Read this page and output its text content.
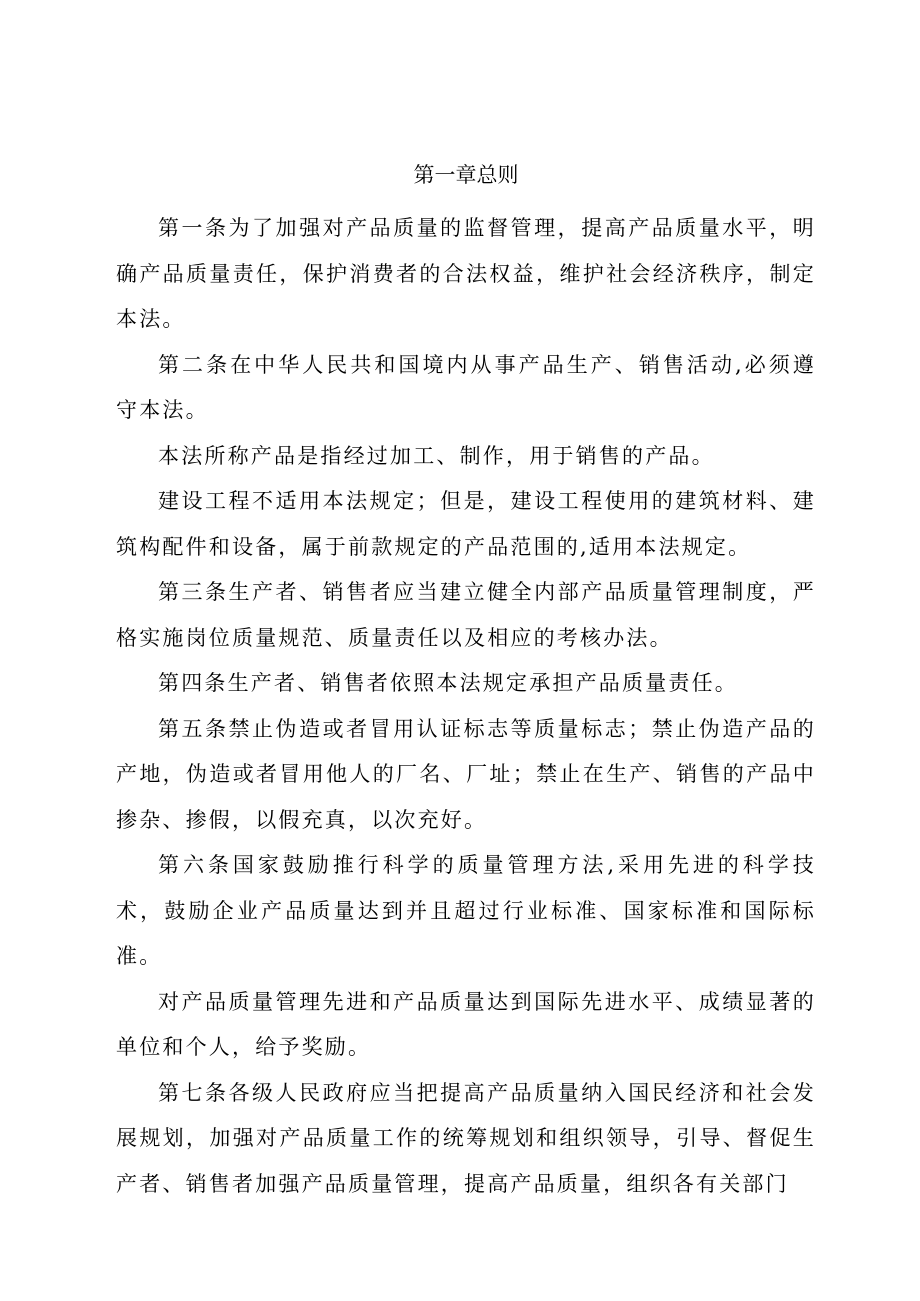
第一章总则

第一条为了加强对产品质量的监督管理，提高产品质量水平，明确产品质量责任，保护消费者的合法权益，维护社会经济秩序，制定本法。

第二条在中华人民共和国境内从事产品生产、销售活动,必须遵守本法。

本法所称产品是指经过加工、制作，用于销售的产品。

建设工程不适用本法规定；但是，建设工程使用的建筑材料、建筑构配件和设备，属于前款规定的产品范围的,适用本法规定。

第三条生产者、销售者应当建立健全内部产品质量管理制度，严格实施岗位质量规范、质量责任以及相应的考核办法。

第四条生产者、销售者依照本法规定承担产品质量责任。

第五条禁止伪造或者冒用认证标志等质量标志；禁止伪造产品的产地，伪造或者冒用他人的厂名、厂址；禁止在生产、销售的产品中掺杂、掺假，以假充真，以次充好。

第六条国家鼓励推行科学的质量管理方法,采用先进的科学技术，鼓励企业产品质量达到并且超过行业标准、国家标准和国际标准。

对产品质量管理先进和产品质量达到国际先进水平、成绩显著的单位和个人，给予奖励。

第七条各级人民政府应当把提高产品质量纳入国民经济和社会发展规划，加强对产品质量工作的统筹规划和组织领导，引导、督促生产者、销售者加强产品质量管理，提高产品质量，组织各有关部门
